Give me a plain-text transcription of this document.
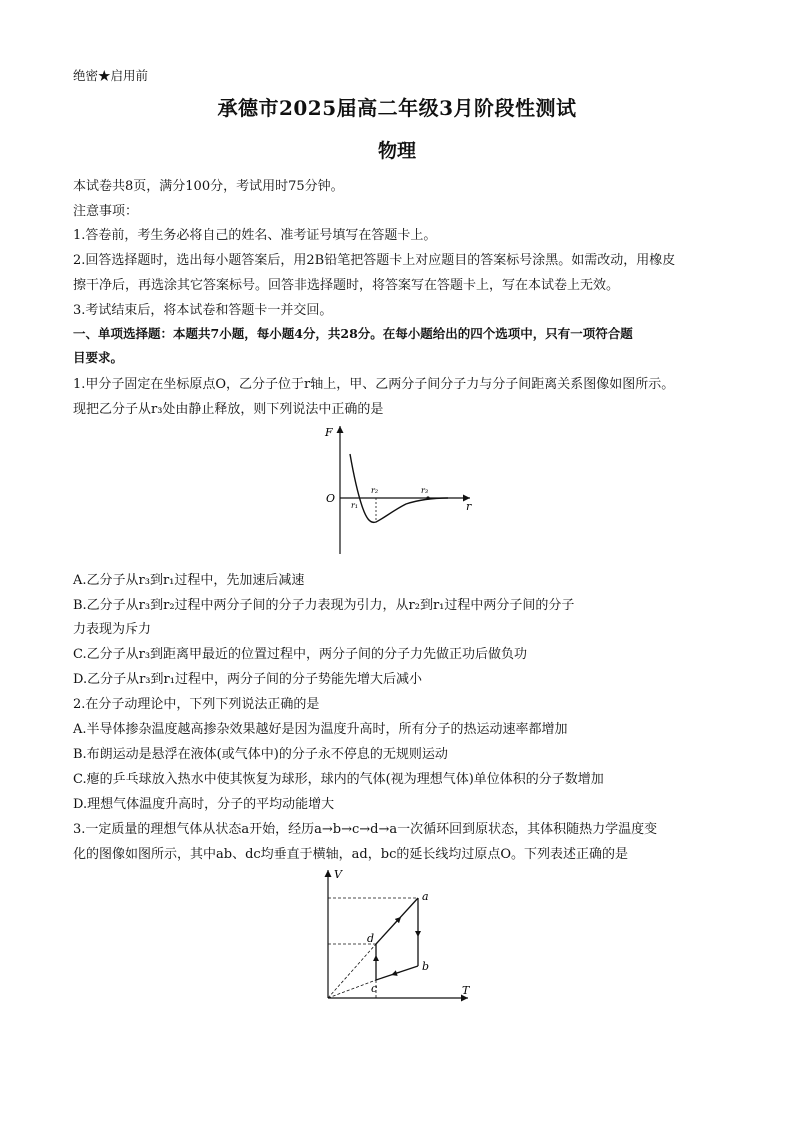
绝密★启用前
承德市2025届高二年级3月阶段性测试
物理
本试卷共8页，满分100分，考试用时75分钟。
注意事项：
1.答卷前，考生务必将自己的姓名、准考证号填写在答题卡上。
2.回答选择题时，选出每小题答案后，用2B铅笔把答题卡上对应题目的答案标号涂黑。如需改动，用橡皮
擦干净后，再选涂其它答案标号。回答非选择题时，将答案写在答题卡上，写在本试卷上无效。
3.考试结束后，将本试卷和答题卡一并交回。
一、单项选择题：本题共7小题，每小题4分，共28分。在每小题给出的四个选项中，只有一项符合题
目要求。
1.甲分子固定在坐标原点O，乙分子位于r轴上，甲、乙两分子间分子力与分子间距离关系图像如图所示。
现把乙分子从r₃处由静止释放，则下列说法中正确的是
F
r
O
r₁
r₂	r₃
A.乙分子从r₃到r₁过程中，先加速后减速
B.乙分子从r₃到r₂过程中两分子间的分子力表现为引力，从r₂到r₁过程中两分子间的分子
力表现为斥力
C.乙分子从r₃到距离甲最近的位置过程中，两分子间的分子力先做正功后做负功
D.乙分子从r₃到r₁过程中，两分子间的分子势能先增大后减小
2.在分子动理论中，下列下列说法正确的是
A.半导体掺杂温度越高掺杂效果越好是因为温度升高时，所有分子的热运动速率都增加
B.布朗运动是悬浮在液体(或气体中)的分子永不停息的无规则运动
C.瘪的乒乓球放入热水中使其恢复为球形，球内的气体(视为理想气体)单位体积的分子数增加
D.理想气体温度升高时，分子的平均动能增大
3.一定质量的理想气体从状态a开始，经历a→b→c→d→a一次循环回到原状态，其体积随热力学温度变
化的图像如图所示，其中ab、dc均垂直于横轴，ad，bc的延长线均过原点O。下列表述正确的是
V
T
a
b
c
d
